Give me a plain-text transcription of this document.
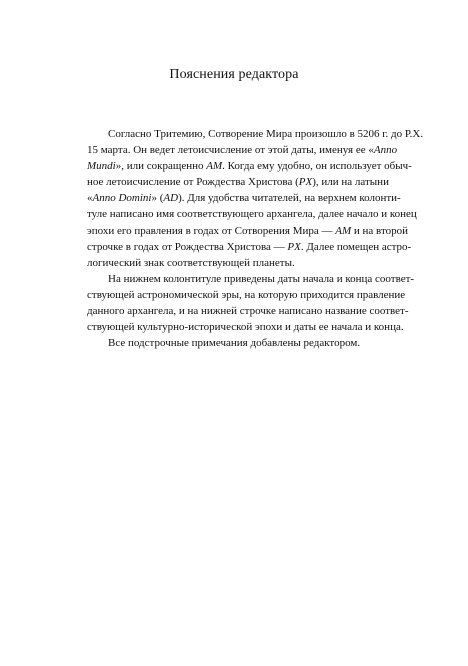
Пояснения редактора
Согласно Тритемию, Сотворение Мира произошло в 5206 г. до Р.Х.
15 марта. Он ведет летоисчисление от этой даты, именуя ее «Anno
Mundi», или сокращенно AM. Когда ему удобно, он использует обыч-
ное летоисчисление от Рождества Христова (PX), или на латыни
«Anno Domini» (AD). Для удобства читателей, на верхнем колонти-
туле написано имя соответствующего архангела, далее начало и конец
эпохи его правления в годах от Сотворения Мира — AM и на второй
строчке в годах от Рождества Христова — PX. Далее помещен астро-
логический знак соответствующей планеты.
На нижнем колонтитуле приведены даты начала и конца соответ-
ствующей астрономической эры, на которую приходится правление
данного архангела, и на нижней строчке написано название соответ-
ствующей культурно-исторической эпохи и даты ее начала и конца.
Все подстрочные примечания добавлены редактором.
